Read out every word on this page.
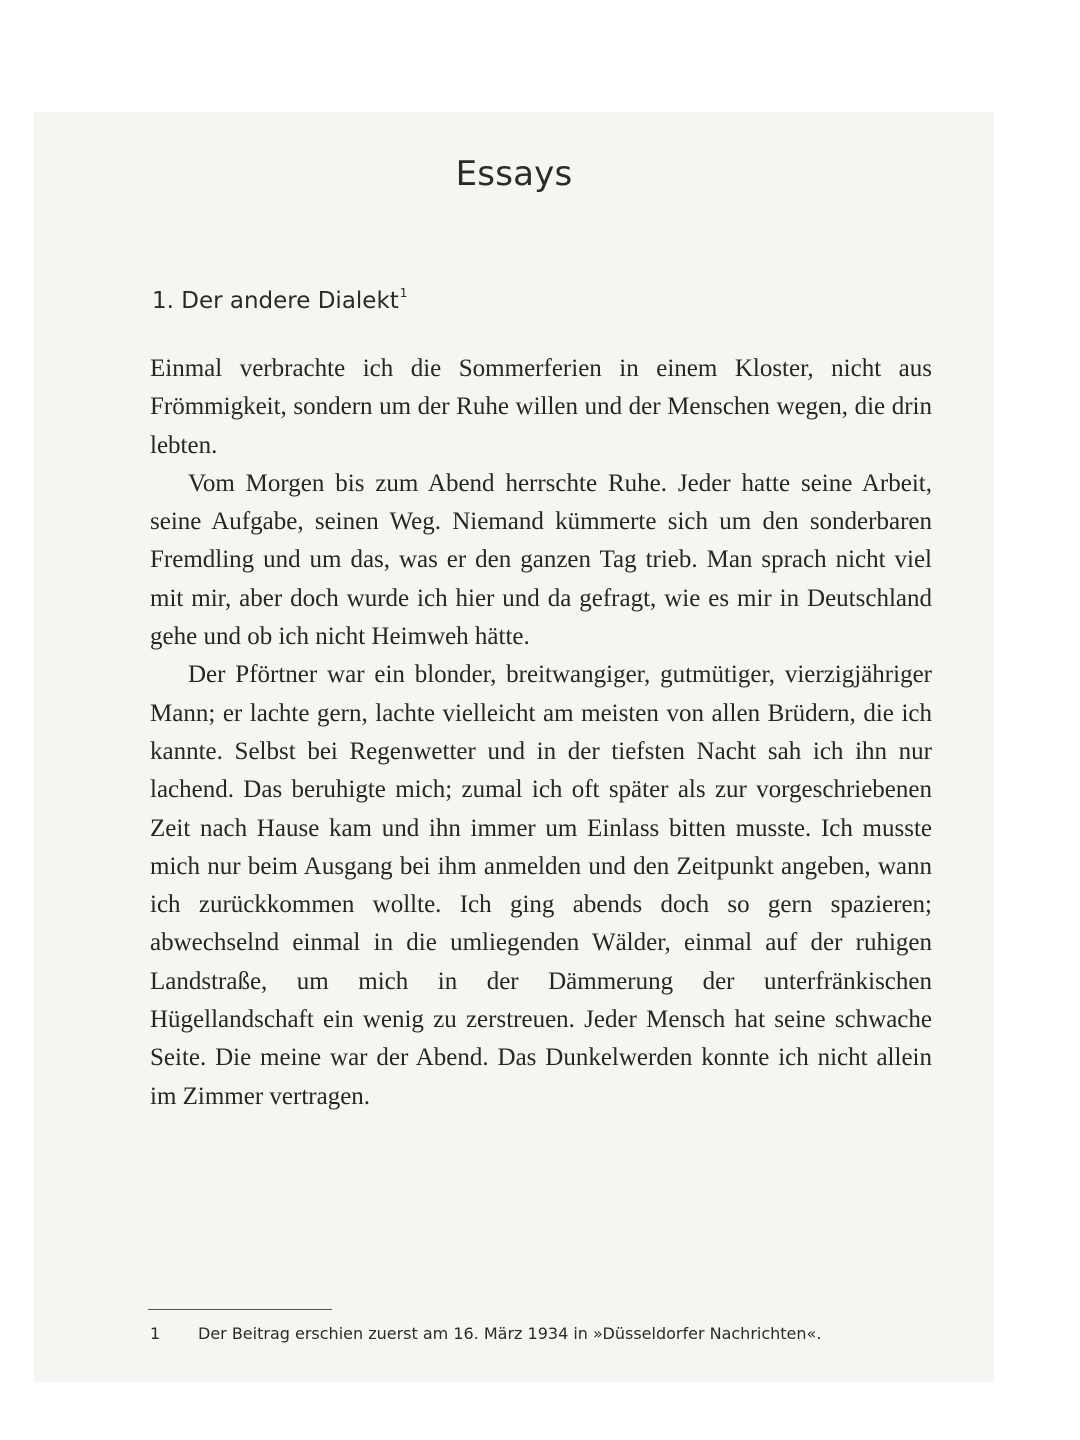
Essays
1. Der andere Dialekt$^1$

Einmal verbrachte ich die Sommerferien in einem Kloster, nicht aus Frömmigkeit, sondern um der Ruhe willen und der Menschen wegen, die drin lebten.

Vom Morgen bis zum Abend herrschte Ruhe. Jeder hatte seine Arbeit, seine Aufgabe, seinen Weg. Niemand kümmerte sich um den sonderbaren Fremdling und um das, was er den ganzen Tag trieb. Man sprach nicht viel mit mir, aber doch wurde ich hier und da gefragt, wie es mir in Deutschland gehe und ob ich nicht Heimweh hätte.

Der Pförtner war ein blonder, breitwangiger, gutmütiger, vierzigjähriger Mann; er lachte gern, lachte vielleicht am meisten von allen Brüdern, die ich kannte. Selbst bei Regenwetter und in der tiefsten Nacht sah ich ihn nur lachend. Das beruhigte mich; zumal ich oft später als zur vorgeschriebenen Zeit nach Hause kam und ihn immer um Einlass bitten musste. Ich musste mich nur beim Ausgang bei ihm anmelden und den Zeitpunkt angeben, wann ich zurückkommen wollte. Ich ging abends doch so gern spazieren; abwechselnd einmal in die umliegenden Wälder, einmal auf der ruhigen Landstraße, um mich in der Dämmerung der unterfränkischen Hügellandschaft ein wenig zu zerstreuen. Jeder Mensch hat seine schwache Seite. Die meine war der Abend. Das Dunkelwerden konnte ich nicht allein im Zimmer vertragen.

1 Der Beitrag erschien zuerst am 16. März 1934 in »Düsseldorfer Nachrichten«.
